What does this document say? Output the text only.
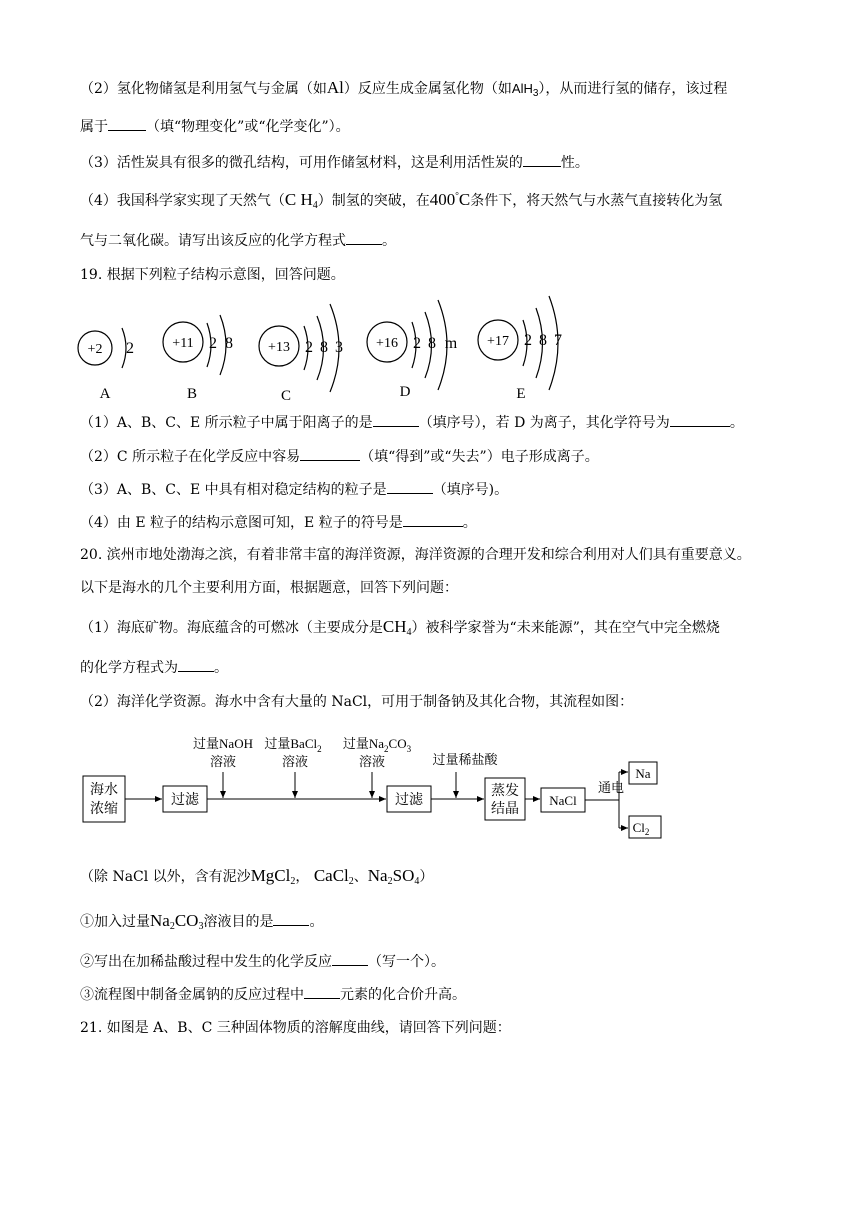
（2）氢化物储氢是利用氢气与金属（如Al）反应生成金属氢化物（如AlH$_3$），从而进行氢的储存，该过程
属于	（填“物理变化”或“化学变化”）。
（3）活性炭具有很多的微孔结构，可用作储氢材料，这是利用活性炭的	性。
（4）我国科学家实现了天然气（C $H_4$）制氢的突破，在400°C条件下，将天然气与水蒸气直接转化为氢
气与二氧化碳。请写出该反应的化学方程式	。
19. 根据下列粒子结构示意图，回答问题。
+2 2
A
+11 2 8
B
+13 2 8 3
C
+16 2 8 m
D
+17 2 8 7
E
（1）A、B、C、E 所示粒子中属于阳离子的是	（填序号），若 D 为离子，其化学符号为	。
（2）C 所示粒子在化学反应中容易	（填“得到”或“失去”）电子形成离子。
（3）A、B、C、E 中具有相对稳定结构的粒子是	（填序号)。
（4）由 E 粒子的结构示意图可知，E 粒子的符号是	。
20. 滨州市地处渤海之滨，有着非常丰富的海洋资源，海洋资源的合理开发和综合利用对人们具有重要意义。
以下是海水的几个主要利用方面，根据题意，回答下列问题：
（1）海底矿物。海底蕴含的可燃冰（主要成分是$CH_4$）被科学家誉为“未来能源”，其在空气中完全燃烧
的化学方程式为	。
（2）海洋化学资源。海水中含有大量的 NaCl，可用于制备钠及其化合物，其流程如图：
海水
浓缩
过滤
过量NaOH
溶液
过量BaCl$_2$
溶液
过量$Na_2CO_3$
溶液
过滤
过量稀盐酸
蒸发
结晶
NaCl
通电
Na
$Cl_2$
（除 NaCl 以外，含有泥沙MgCl$_2$， CaCl$_2$、$Na_2SO_4$）
①加入过量$Na_2CO_3$溶液目的是	。
②写出在加稀盐酸过程中发生的化学反应	（写一个）。
③流程图中制备金属钠的反应过程中	元素的化合价升高。
21. 如图是 A、B、C 三种固体物质的溶解度曲线，请回答下列问题：
